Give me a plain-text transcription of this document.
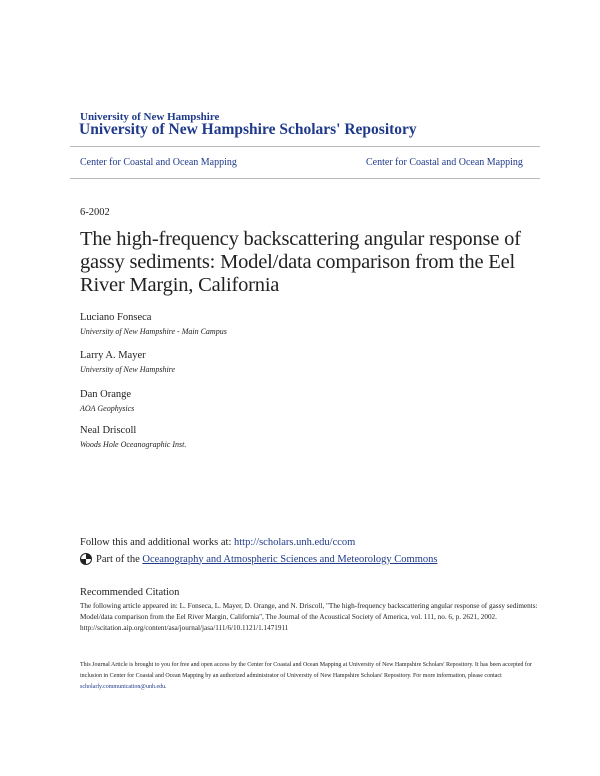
University of New Hampshire
University of New Hampshire Scholars' Repository
Center for Coastal and Ocean Mapping	Center for Coastal and Ocean Mapping
6-2002
The high-frequency backscattering angular response of gassy sediments: Model/data comparison from the Eel River Margin, California
Luciano Fonseca
University of New Hampshire - Main Campus
Larry A. Mayer
University of New Hampshire
Dan Orange
AOA Geophysics
Neal Driscoll
Woods Hole Oceanographic Inst.
Follow this and additional works at: http://scholars.unh.edu/ccom
Part of the
Oceanography and Atmospheric Sciences and Meteorology Commons
Recommended Citation
The following article appeared in: L. Fonseca, L. Mayer, D. Orange, and N. Driscoll, "The high-frequency backscattering angular response of gassy sediments: Model/data comparison from the Eel River Margin, California", The Journal of the Acoustical Society of America, vol. 111, no. 6, p. 2621, 2002. http://scitation.aip.org/content/asa/journal/jasa/111/6/10.1121/1.1471911
This Journal Article is brought to you for free and open access by the Center for Coastal and Ocean Mapping at University of New Hampshire Scholars' Repository. It has been accepted for inclusion in Center for Coastal and Ocean Mapping by an authorized administrator of University of New Hampshire Scholars' Repository. For more information, please contact scholarly.communication@unh.edu.
